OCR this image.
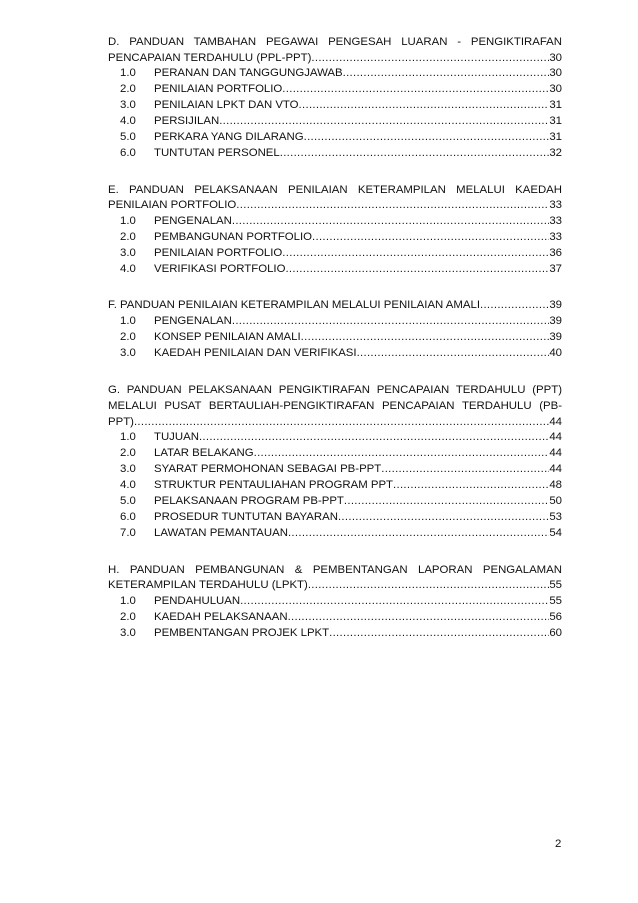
D. PANDUAN TAMBAHAN PEGAWAI PENGESAH LUARAN - PENGIKTIRAFAN
PENCAPAIAN TERDAHULU (PPL-PPT) .....	30
1.0	PERANAN DAN TANGGUNGJAWAB .....	30
2.0	PENILAIAN PORTFOLIO .....	30
3.0	PENILAIAN LPKT DAN VTO .....	31
4.0	PERSIJILAN .....	31
5.0	PERKARA YANG DILARANG .....	31
6.0	TUNTUTAN PERSONEL .....	32
E. PANDUAN PELAKSANAAN PENILAIAN KETERAMPILAN MELALUI KAEDAH
PENILAIAN PORTFOLIO .....	33
1.0	PENGENALAN .....	33
2.0	PEMBANGUNAN PORTFOLIO .....	33
3.0	PENILAIAN PORTFOLIO .....	36
4.0	VERIFIKASI PORTFOLIO .....	37
F. PANDUAN PENILAIAN KETERAMPILAN MELALUI PENILAIAN AMALI .....	39
1.0	PENGENALAN .....	39
2.0	KONSEP PENILAIAN AMALI .....	39
3.0	KAEDAH PENILAIAN DAN VERIFIKASI .....	40
G. PANDUAN PELAKSANAAN PENGIKTIRAFAN PENCAPAIAN TERDAHULU (PPT)
MELALUI PUSAT BERTAULIAH-PENGIKTIRAFAN PENCAPAIAN TERDAHULU (PB-
PPT) .....	44
1.0	TUJUAN .....	44
2.0	LATAR BELAKANG .....	44
3.0	SYARAT PERMOHONAN SEBAGAI PB-PPT .....	44
4.0	STRUKTUR PENTAULIAHAN PROGRAM PPT .....	48
5.0	PELAKSANAAN PROGRAM PB-PPT .....	50
6.0	PROSEDUR TUNTUTAN BAYARAN .....	53
7.0	LAWATAN PEMANTAUAN .....	54
H. PANDUAN PEMBANGUNAN & PEMBENTANGAN LAPORAN PENGALAMAN
KETERAMPILAN TERDAHULU (LPKT) .....	55
1.0	PENDAHULUAN .....	55
2.0	KAEDAH PELAKSANAAN .....	56
3.0	PEMBENTANGAN PROJEK LPKT .....	60
2
